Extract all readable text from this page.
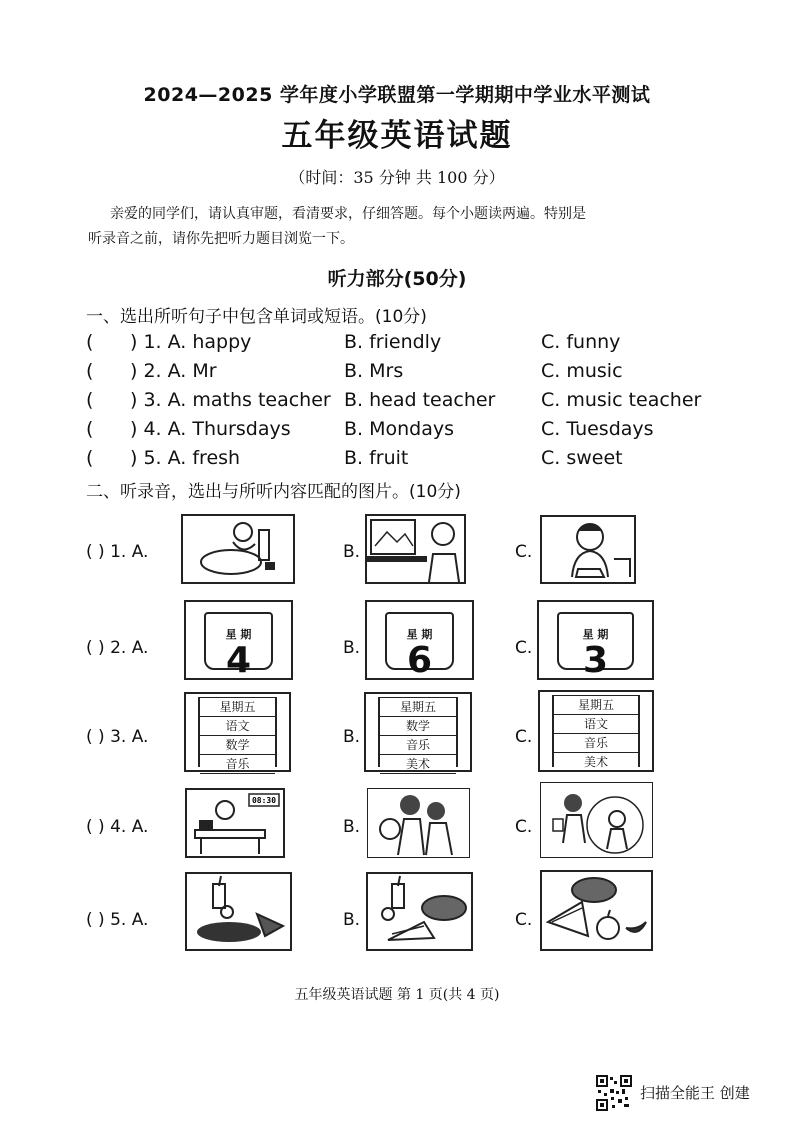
2024—2025 学年度小学联盟第一学期期中学业水平测试
五年级英语试题
（时间：35 分钟 共 100 分）
亲爱的同学们，请认真审题，看清要求，仔细答题。每个小题读两遍。特别是
听录音之前，请你先把听力题目浏览一下。
听力部分(50分)
一、选出所听句子中包含单词或短语。(10分)
( ) 1. A. happy	B. friendly	C. funny
( ) 2. A. Mr	B. Mrs	C. music
( ) 3. A. maths teacher B. head teacher C. music teacher
( ) 4. A. Thursdays	B. Mondays	C. Tuesdays
( ) 5. A. fresh	B. fruit	C. sweet
二、听录音，选出与所听内容匹配的图片。(10分)
( ) 1. A.	B.	C.
( ) 2. A.	B.	C.
星 期
4
星 期
6
星 期
3
( ) 3. A.	B.	C.
星期五
语文
数学
音乐
星期五
数学
音乐
美术
星期五
语文
音乐
美术
( ) 4. A.	B.	C.
08:30
( ) 5. A.	B.	C.
五年级英语试题 第 1 页(共 4 页)
扫描全能王 创建
